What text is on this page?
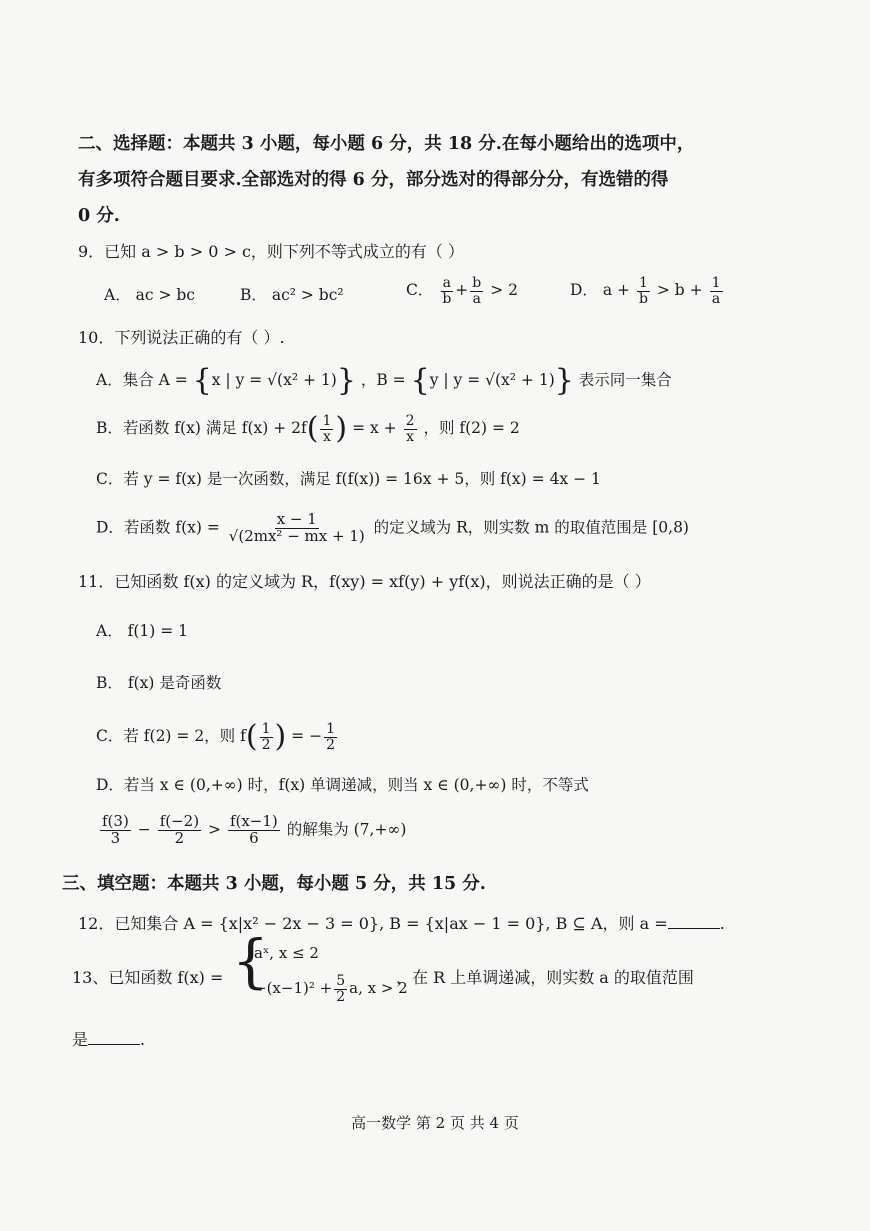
二、选择题：本题共 3 小题，每小题 6 分，共 18 分.在每小题给出的选项中，
有多项符合题目要求.全部选对的得 6 分，部分选对的得部分分，有选错的得
0 分.
9．已知 a > b > 0 > c，则下列不等式成立的有（ ）
A． ac > bc	B． ac² > bc²	C． $\frac{a}{b} + \frac{b}{a} > 2$	D． $a + \frac{1}{b} > b + \frac{1}{a}$
10．下列说法正确的有（ ）.
A．集合 A = {x | y = √(x² + 1)} ，B = {y | y = √(x² + 1)} 表示同一集合
B．若函数 f(x) 满足 $f(x) + 2f( \frac{1}{x}$ ) = $x + \frac{2}{x}$ ，则 f(2) = 2
C．若 y = f(x) 是一次函数，满足 f(f(x)) = 16x + 5，则 f(x) = 4x − 1
D．若函数 $f(x) = \frac{x - 1}{\text{√(2mx² − mx + 1)}}$ 的定义域为 R，则实数 m 的取值范围是 [0,8)
11．已知函数 f(x) 的定义域为 R，f(xy) = xf(y) + yf(x)，则说法正确的是（ ）
A． f(1) = 1
B． f(x) 是奇函数
C．若 f(2) = 2，则 $f( \frac{1}{2}$ ) = − $\frac{1}{2}$
D．若当 x ∈ (0,+∞) 时，f(x) 单调递减，则当 x ∈ (0,+∞) 时，不等式
$\frac{f(3)}{3} - \frac{f(-2)}{2} > \frac{f(x-1)}{6}$ 的解集为 (7,+∞)
三、填空题：本题共 3 小题，每小题 5 分，共 15 分.
12．已知集合 A = {x|x² − 2x − 3 = 0}, B = {x|ax − 1 = 0}, B ⊆ A，则 a =	.
13、已知函数 f(x) = {
aˣ, x ≤ 2
$-(x-1)^2 + \frac{5}{2} a$, x > 2
，在 R 上单调递减，则实数 a 的取值范围
是	.
高一数学 第 2 页 共 4 页
